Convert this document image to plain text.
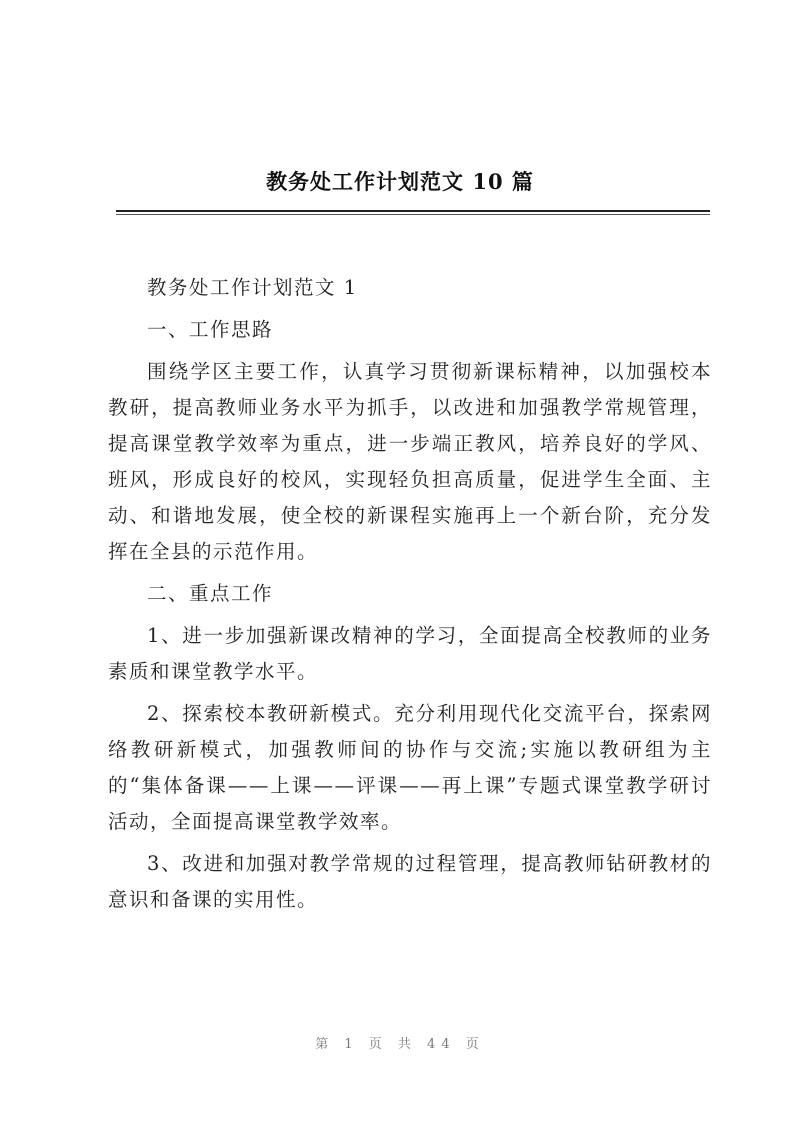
教务处工作计划范文 10 篇

教务处工作计划范文 1

一、工作思路

围绕学区主要工作，认真学习贯彻新课标精神，以加强校本教研，提高教师业务水平为抓手，以改进和加强教学常规管理，提高课堂教学效率为重点，进一步端正教风，培养良好的学风、班风，形成良好的校风，实现轻负担高质量，促进学生全面、主动、和谐地发展，使全校的新课程实施再上一个新台阶，充分发挥在全县的示范作用。

二、重点工作

1、进一步加强新课改精神的学习，全面提高全校教师的业务素质和课堂教学水平。

2、探索校本教研新模式。充分利用现代化交流平台，探索网络教研新模式，加强教师间的协作与交流;实施以教研组为主的“集体备课——上课——评课——再上课”专题式课堂教学研讨活动，全面提高课堂教学效率。

3、改进和加强对教学常规的过程管理，提高教师钻研教材的意识和备课的实用性。

第 1 页 共 44 页
